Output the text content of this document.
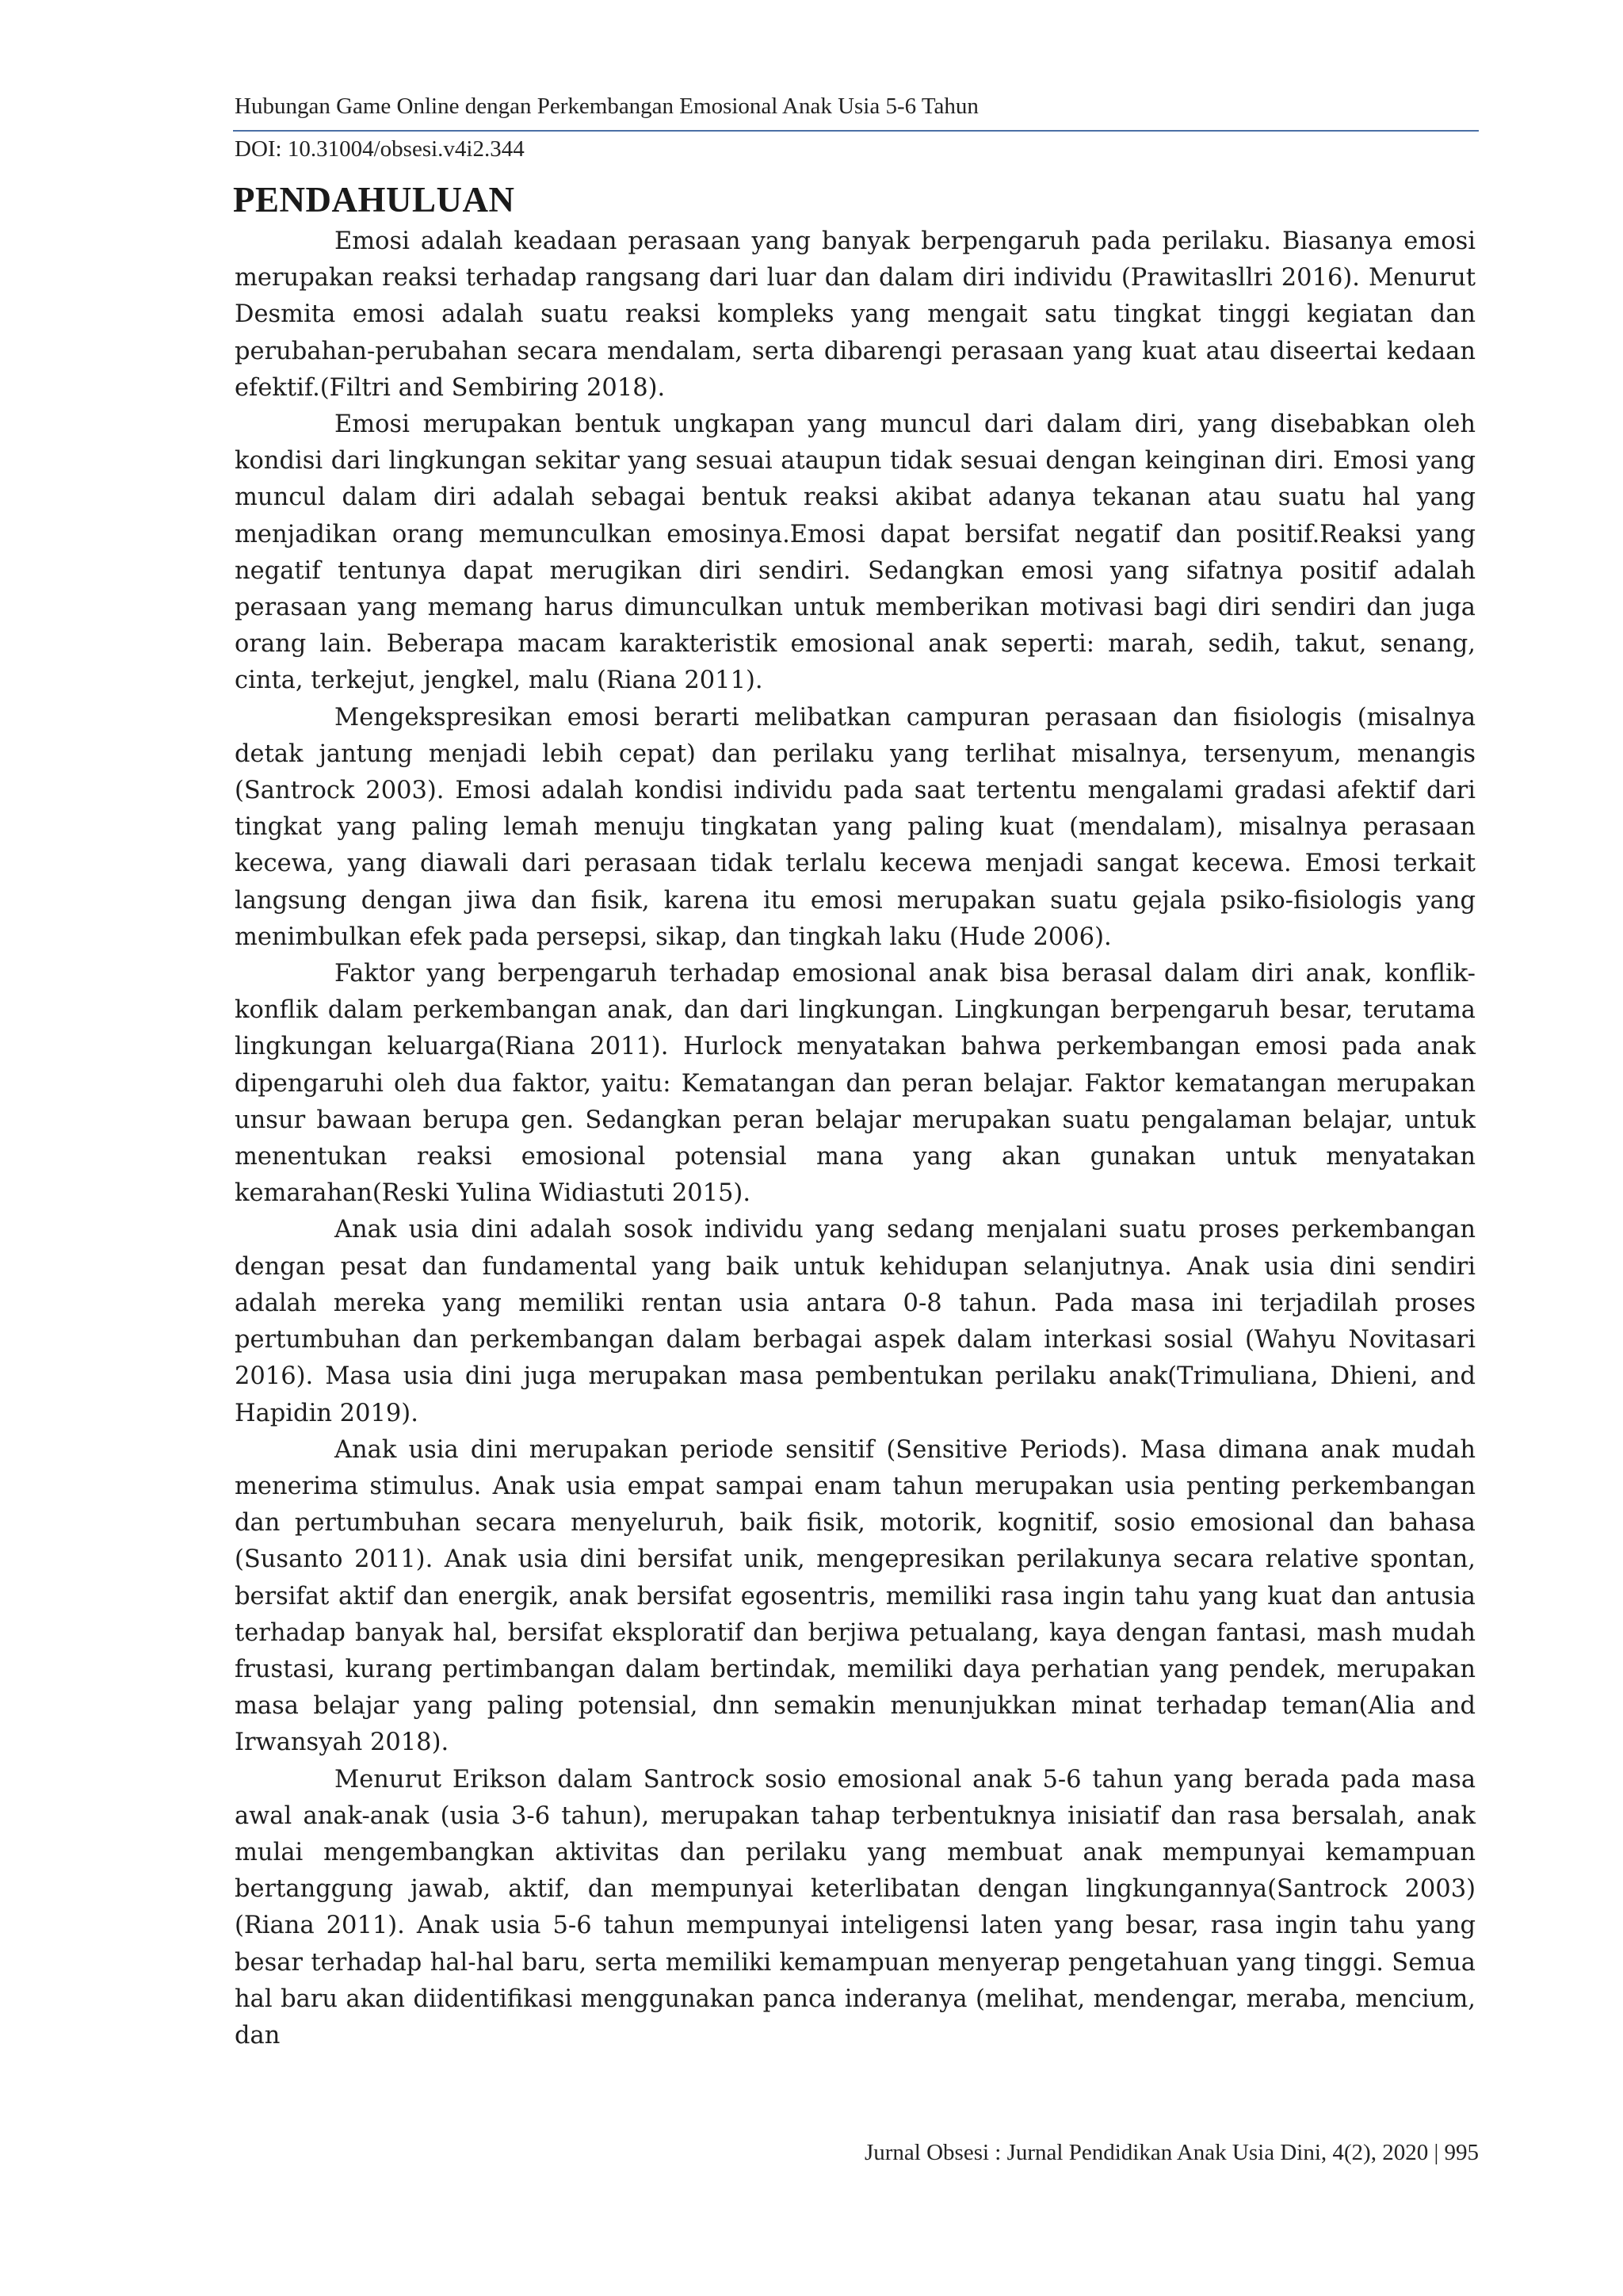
Hubungan Game Online dengan Perkembangan Emosional Anak Usia 5-6 Tahun
DOI: 10.31004/obsesi.v4i2.344
PENDAHULUAN

Emosi adalah keadaan perasaan yang banyak berpengaruh pada perilaku. Biasanya emosi merupakan reaksi terhadap rangsang dari luar dan dalam diri individu (Prawitasllri 2016). Menurut Desmita emosi adalah suatu reaksi kompleks yang mengait satu tingkat tinggi kegiatan dan perubahan-perubahan secara mendalam, serta dibarengi perasaan yang kuat atau diseertai kedaan efektif.(Filtri and Sembiring 2018).

Emosi merupakan bentuk ungkapan yang muncul dari dalam diri, yang disebabkan oleh kondisi dari lingkungan sekitar yang sesuai ataupun tidak sesuai dengan keinginan diri. Emosi yang muncul dalam diri adalah sebagai bentuk reaksi akibat adanya tekanan atau suatu hal yang menjadikan orang memunculkan emosinya.Emosi dapat bersifat negatif dan positif.Reaksi yang negatif tentunya dapat merugikan diri sendiri. Sedangkan emosi yang sifatnya positif adalah perasaan yang memang harus dimunculkan untuk memberikan motivasi bagi diri sendiri dan juga orang lain. Beberapa macam karakteristik emosional anak seperti: marah, sedih, takut, senang, cinta, terkejut, jengkel, malu (Riana 2011).

Mengekspresikan emosi berarti melibatkan campuran perasaan dan fisiologis (misalnya detak jantung menjadi lebih cepat) dan perilaku yang terlihat misalnya, tersenyum, menangis (Santrock 2003). Emosi adalah kondisi individu pada saat tertentu mengalami gradasi afektif dari tingkat yang paling lemah menuju tingkatan yang paling kuat (mendalam), misalnya perasaan kecewa, yang diawali dari perasaan tidak terlalu kecewa menjadi sangat kecewa. Emosi terkait langsung dengan jiwa dan fisik, karena itu emosi merupakan suatu gejala psiko-fisiologis yang menimbulkan efek pada persepsi, sikap, dan tingkah laku (Hude 2006).

Faktor yang berpengaruh terhadap emosional anak bisa berasal dalam diri anak, konflik-konflik dalam perkembangan anak, dan dari lingkungan. Lingkungan berpengaruh besar, terutama lingkungan keluarga(Riana 2011). Hurlock menyatakan bahwa perkembangan emosi pada anak dipengaruhi oleh dua faktor, yaitu: Kematangan dan peran belajar. Faktor kematangan merupakan unsur bawaan berupa gen. Sedangkan peran belajar merupakan suatu pengalaman belajar, untuk menentukan reaksi emosional potensial mana yang akan gunakan untuk menyatakan kemarahan(Reski Yulina Widiastuti 2015).

Anak usia dini adalah sosok individu yang sedang menjalani suatu proses perkembangan dengan pesat dan fundamental yang baik untuk kehidupan selanjutnya. Anak usia dini sendiri adalah mereka yang memiliki rentan usia antara 0-8 tahun. Pada masa ini terjadilah proses pertumbuhan dan perkembangan dalam berbagai aspek dalam interkasi sosial (Wahyu Novitasari 2016). Masa usia dini juga merupakan masa pembentukan perilaku anak(Trimuliana, Dhieni, and Hapidin 2019).

Anak usia dini merupakan periode sensitif (Sensitive Periods). Masa dimana anak mudah menerima stimulus. Anak usia empat sampai enam tahun merupakan usia penting perkembangan dan pertumbuhan secara menyeluruh, baik fisik, motorik, kognitif, sosio emosional dan bahasa (Susanto 2011). Anak usia dini bersifat unik, mengepresikan perilakunya secara relative spontan, bersifat aktif dan energik, anak bersifat egosentris, memiliki rasa ingin tahu yang kuat dan antusia terhadap banyak hal, bersifat eksploratif dan berjiwa petualang, kaya dengan fantasi, mash mudah frustasi, kurang pertimbangan dalam bertindak, memiliki daya perhatian yang pendek, merupakan masa belajar yang paling potensial, dnn semakin menunjukkan minat terhadap teman(Alia and Irwansyah 2018).

Menurut Erikson dalam Santrock sosio emosional anak 5-6 tahun yang berada pada masa awal anak-anak (usia 3-6 tahun), merupakan tahap terbentuknya inisiatif dan rasa bersalah, anak mulai mengembangkan aktivitas dan perilaku yang membuat anak mempunyai kemampuan bertanggung jawab, aktif, dan mempunyai keterlibatan dengan lingkungannya(Santrock 2003)(Riana 2011). Anak usia 5-6 tahun mempunyai inteligensi laten yang besar, rasa ingin tahu yang besar terhadap hal-hal baru, serta memiliki kemampuan menyerap pengetahuan yang tinggi. Semua hal baru akan diidentifikasi menggunakan panca inderanya (melihat, mendengar, meraba, mencium, dan

Jurnal Obsesi : Jurnal Pendidikan Anak Usia Dini, 4(2), 2020 | 995
